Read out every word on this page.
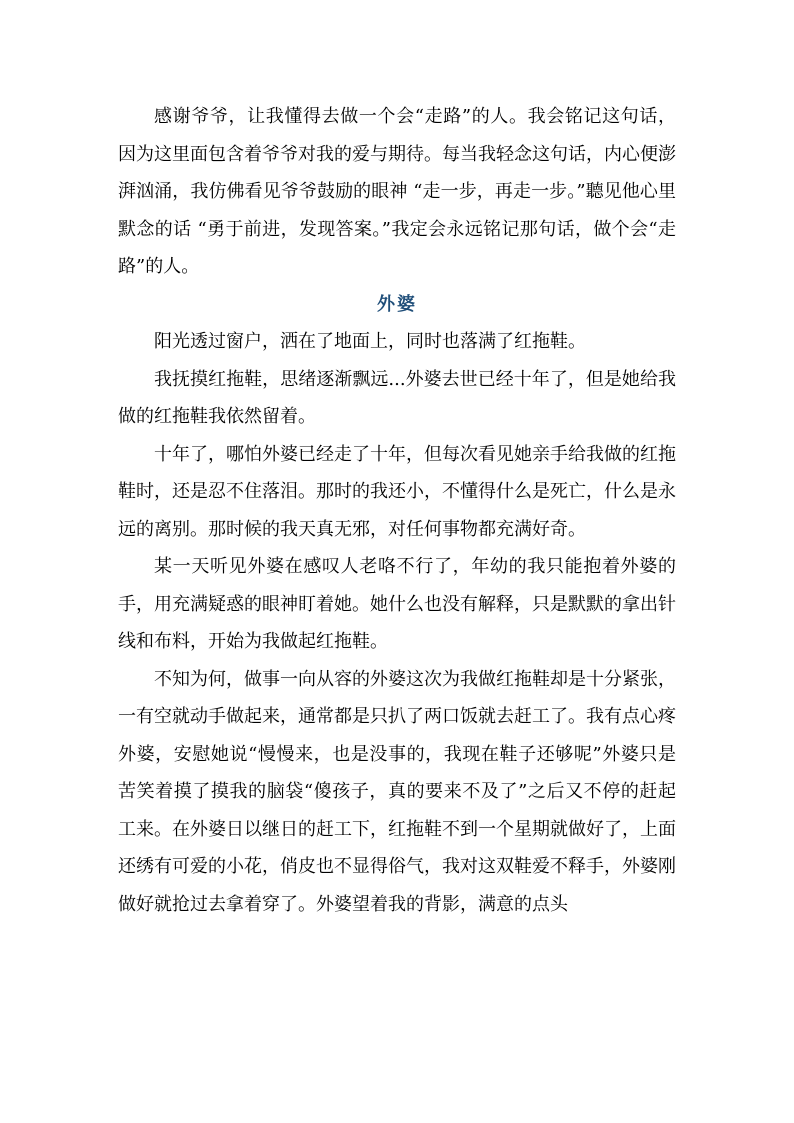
感谢爷爷，让我懂得去做一个会“走路”的人。我会铭记这句话，因为这里面包含着爷爷对我的爱与期待。每当我轻念这句话，内心便澎湃汹涌，我仿佛看见爷爷鼓励的眼神 “走一步，再走一步。”聽见他心里默念的话 “勇于前进，发现答案。”我定会永远铭记那句话，做个会“走路”的人。

外婆

阳光透过窗户，洒在了地面上，同时也落满了红拖鞋。

我抚摸红拖鞋，思绪逐渐飘远...外婆去世已经十年了，但是她给我做的红拖鞋我依然留着。

十年了，哪怕外婆已经走了十年，但每次看见她亲手给我做的红拖鞋时，还是忍不住落泪。那时的我还小，不懂得什么是死亡，什么是永远的离别。那时候的我天真无邪，对任何事物都充满好奇。

某一天听见外婆在感叹人老咯不行了，年幼的我只能抱着外婆的手，用充满疑惑的眼神盯着她。她什么也没有解释，只是默默的拿出针线和布料，开始为我做起红拖鞋。

不知为何，做事一向从容的外婆这次为我做红拖鞋却是十分紧张，一有空就动手做起来，通常都是只扒了两口饭就去赶工了。我有点心疼外婆，安慰她说“慢慢来，也是没事的，我现在鞋子还够呢”外婆只是苦笑着摸了摸我的脑袋“傻孩子，真的要来不及了”之后又不停的赶起工来。在外婆日以继日的赶工下，红拖鞋不到一个星期就做好了，上面还绣有可爱的小花，俏皮也不显得俗气，我对这双鞋爱不释手，外婆刚做好就抢过去拿着穿了。外婆望着我的背影，满意的点头
